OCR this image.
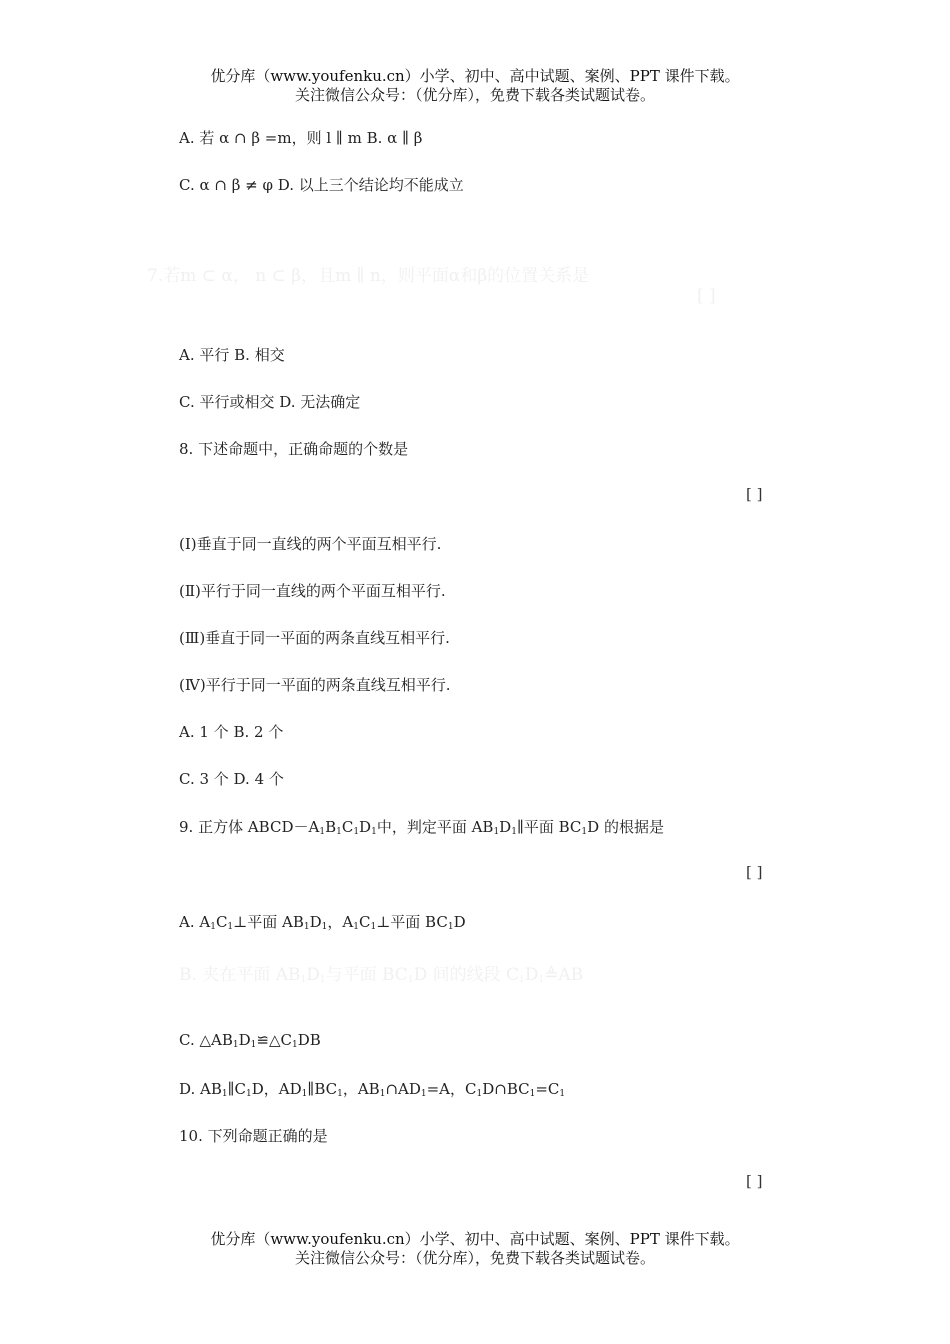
优分库（www.youfenku.cn）小学、初中、高中试题、案例、PPT 课件下载。
关注微信公众号：（优分库），免费下载各类试题试卷。
A. 若 α ∩ β =m，则 l ∥ m B. α ∥ β
C. α ∩ β ≠ φ D. 以上三个结论均不能成立
7.若m ⊂ α， n ⊂ β，且m ∥ n，则平面α和β的位置关系是
[ ]
A. 平行 B. 相交
C. 平行或相交 D. 无法确定
8. 下述命题中，正确命题的个数是
[ ]
(Ⅰ)垂直于同一直线的两个平面互相平行.
(Ⅱ)平行于同一直线的两个平面互相平行.
(Ⅲ)垂直于同一平面的两条直线互相平行.
(Ⅳ)平行于同一平面的两条直线互相平行.
A. 1 个 B. 2 个
C. 3 个 D. 4 个
9. 正方体 $ABCD-A_1B_1C_1D_1$中，判定平面 $AB_1D_1\parallel$平面 $BC_1D$ 的根据是
[ ]
A. $A_1C_1\perp$平面 $AB_1D_1$，$A_1C_1\perp$平面 $BC_1D$
B. 夹在平面 $AB_1D_1$与平面 $BC_1D$ 间的线段 $C_1D_1≜AB$
C. $\triangle AB_1D_1≌\triangle C_1DB$
D. $AB_1\parallel C_1D$，$AD_1\parallel BC_1$，$AB_1\cap AD_1=A$，$C_1D\cap BC_1=C_1$
10. 下列命题正确的是
[ ]
优分库（www.youfenku.cn）小学、初中、高中试题、案例、PPT 课件下载。
关注微信公众号：（优分库），免费下载各类试题试卷。
